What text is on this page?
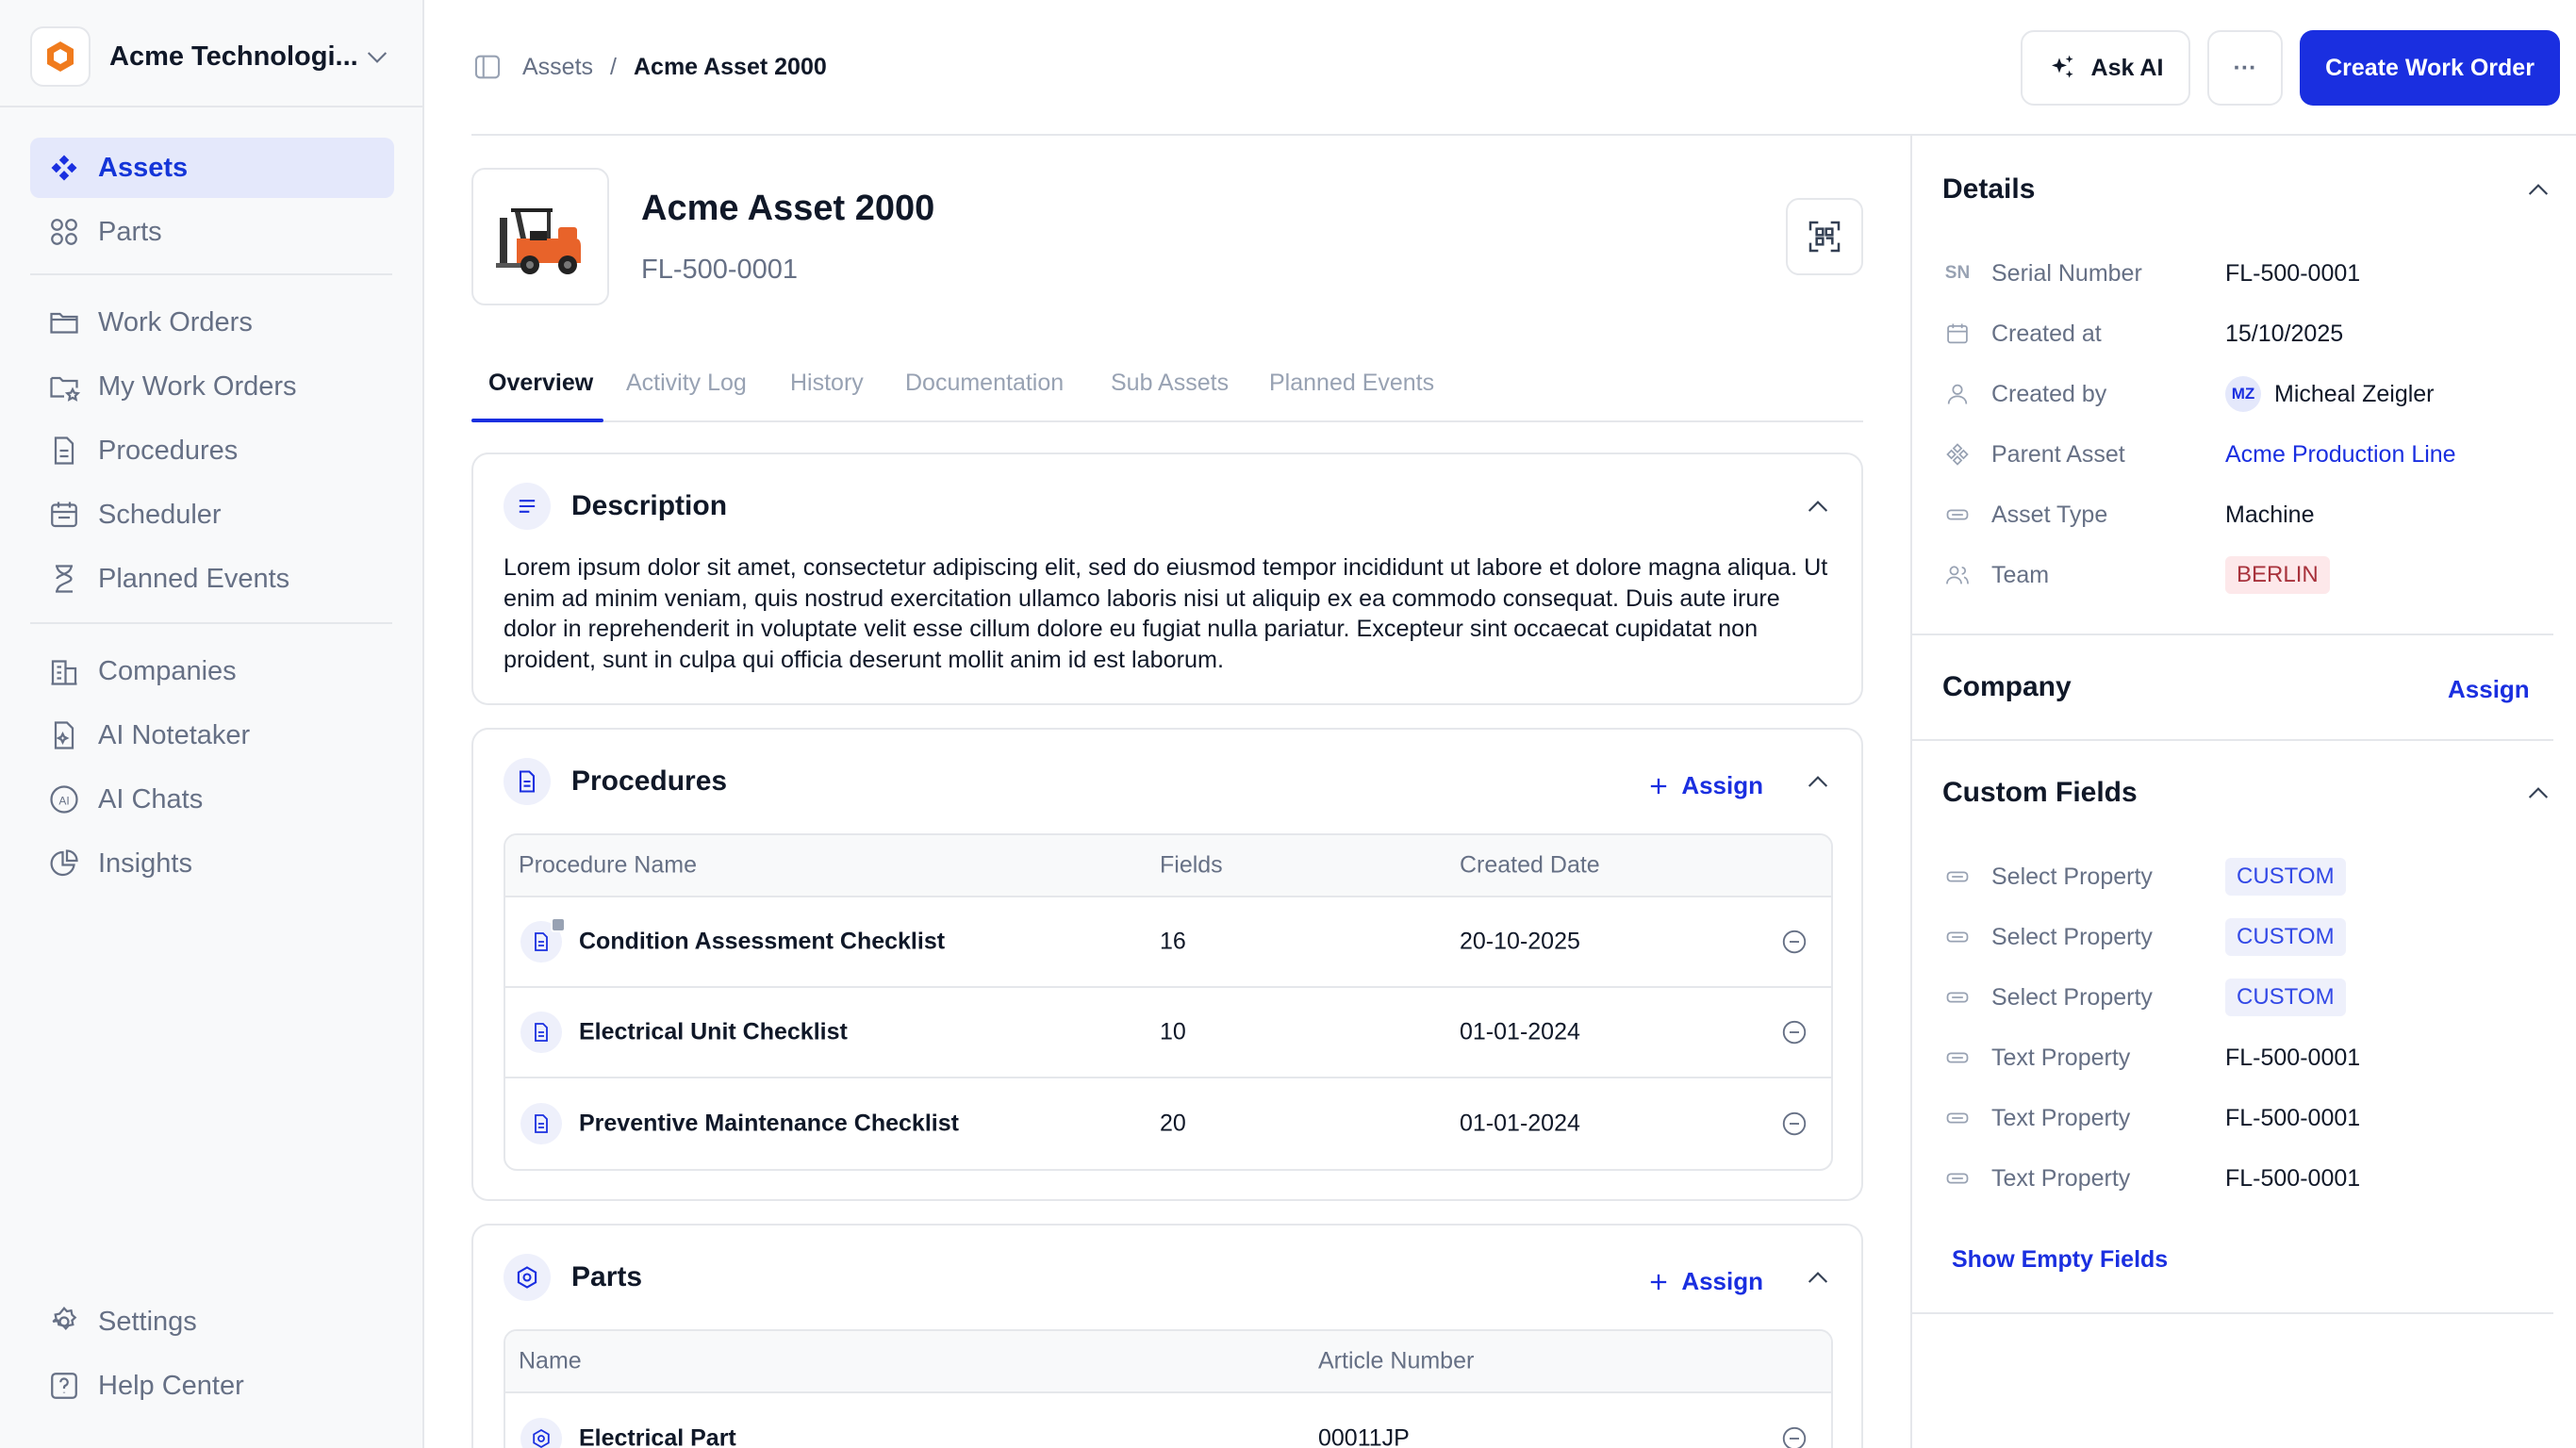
Acme Technologi...
Assets
Parts
Work Orders
My Work Orders
Procedures
Scheduler
Planned Events
Companies
AI Notetaker
AI AI Chats
Insights
Settings
Help Center
Assets / Acme Asset 2000	Ask AI	···	Create Work Order
Acme Asset 2000
FL-500-0001
Overview Activity Log History Documentation Sub Assets Planned Events
Description
Lorem ipsum dolor sit amet, consectetur adipiscing elit, sed do eiusmod tempor incididunt ut labore et dolore magna aliqua. Ut enim ad minim veniam, quis nostrud exercitation ullamco laboris nisi ut aliquip ex ea commodo consequat. Duis aute irure dolor in reprehenderit in voluptate velit esse cillum dolore eu fugiat nulla pariatur. Excepteur sint occaecat cupidatat non proident, sunt in culpa qui officia deserunt mollit anim id est laborum.
Procedures	Assign
Procedure Name	Fields	Created Date
Condition Assessment Checklist	16	20-10-2025
Electrical Unit Checklist	10	01-01-2024
Preventive Maintenance Checklist	20	01-01-2024
Parts	Assign
Name	Article Number
Electrical Part	00011JP
Details
SN Serial Number	FL-500-0001
Created at	15/10/2025
Created by	MZ Micheal Zeigler
Parent Asset	Acme Production Line
Asset Type	Machine
Team	BERLIN
Company	Assign
Custom Fields
Select Property	CUSTOM
Select Property	CUSTOM
Select Property	CUSTOM
Text Property	FL-500-0001
Text Property	FL-500-0001
Text Property	FL-500-0001
Show Empty Fields
